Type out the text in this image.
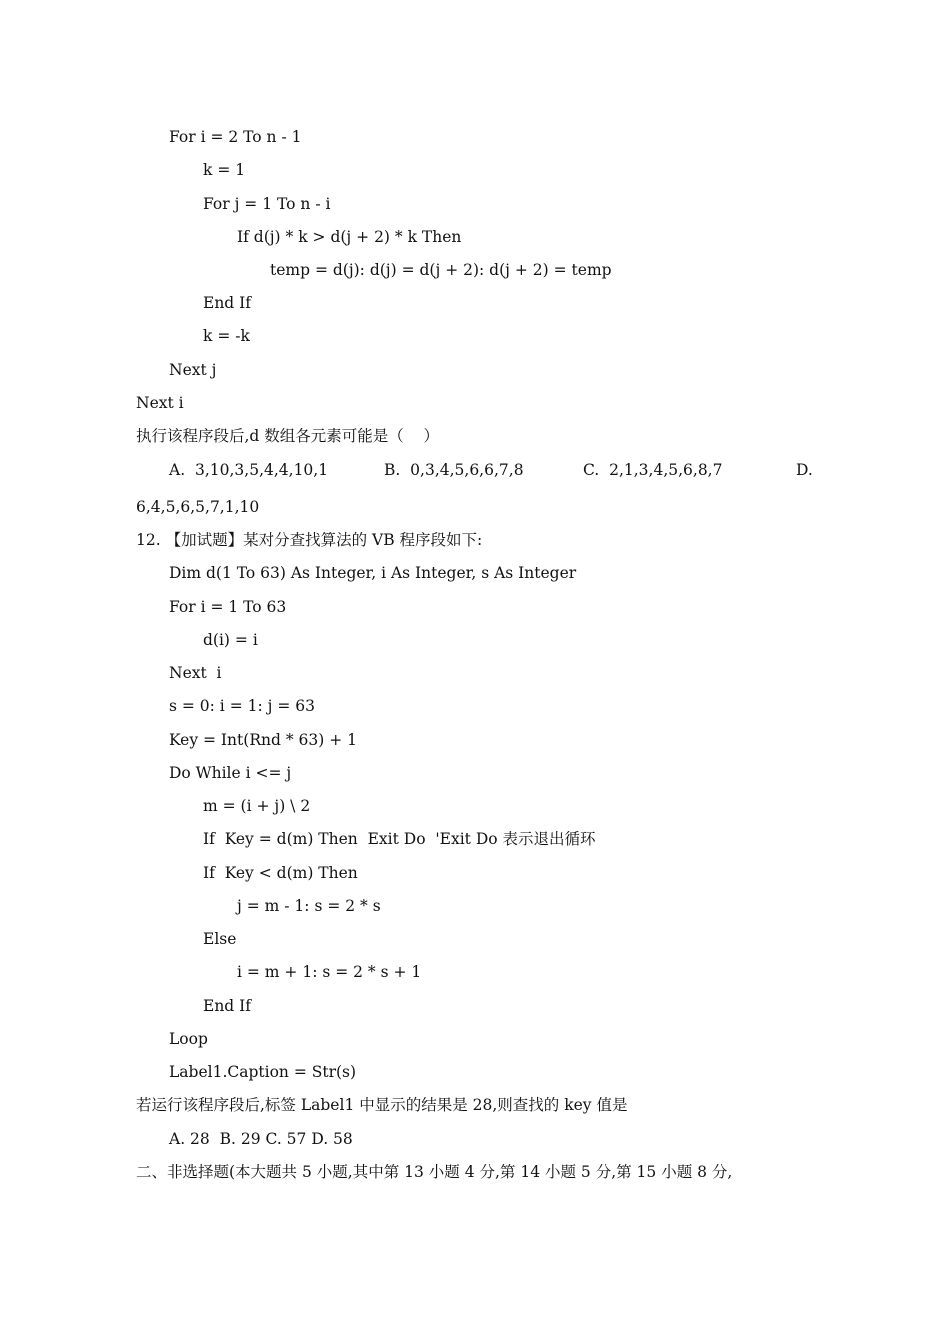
For i = 2 To n - 1
k = 1
For j = 1 To n - i
If d(j) * k > d(j + 2) * k Then
temp = d(j): d(j) = d(j + 2): d(j + 2) = temp
End If
k = -k
Next j
Next i
执行该程序段后,d 数组各元素可能是（    ）
A.  3,10,3,5,4,4,10,1	B.  0,3,4,5,6,6,7,8	C.  2,1,3,4,5,6,8,7	D.
6,4,5,6,5,7,1,10
12. 【加试题】某对分查找算法的 VB 程序段如下:
Dim d(1 To 63) As Integer, i As Integer, s As Integer
For i = 1 To 63
d(i) = i
Next  i
s = 0: i = 1: j = 63
Key = Int(Rnd * 63) + 1
Do While i <= j
m = (i + j) \ 2
If  Key = d(m) Then  Exit Do  'Exit Do 表示退出循环
If  Key < d(m) Then
j = m - 1: s = 2 * s
Else
i = m + 1: s = 2 * s + 1
End If
Loop
Label1.Caption = Str(s)
若运行该程序段后,标签 Label1 中显示的结果是 28,则查找的 key 值是
A. 28  B. 29 C. 57 D. 58
二、非选择题(本大题共 5 小题,其中第 13 小题 4 分,第 14 小题 5 分,第 15 小题 8 分,
